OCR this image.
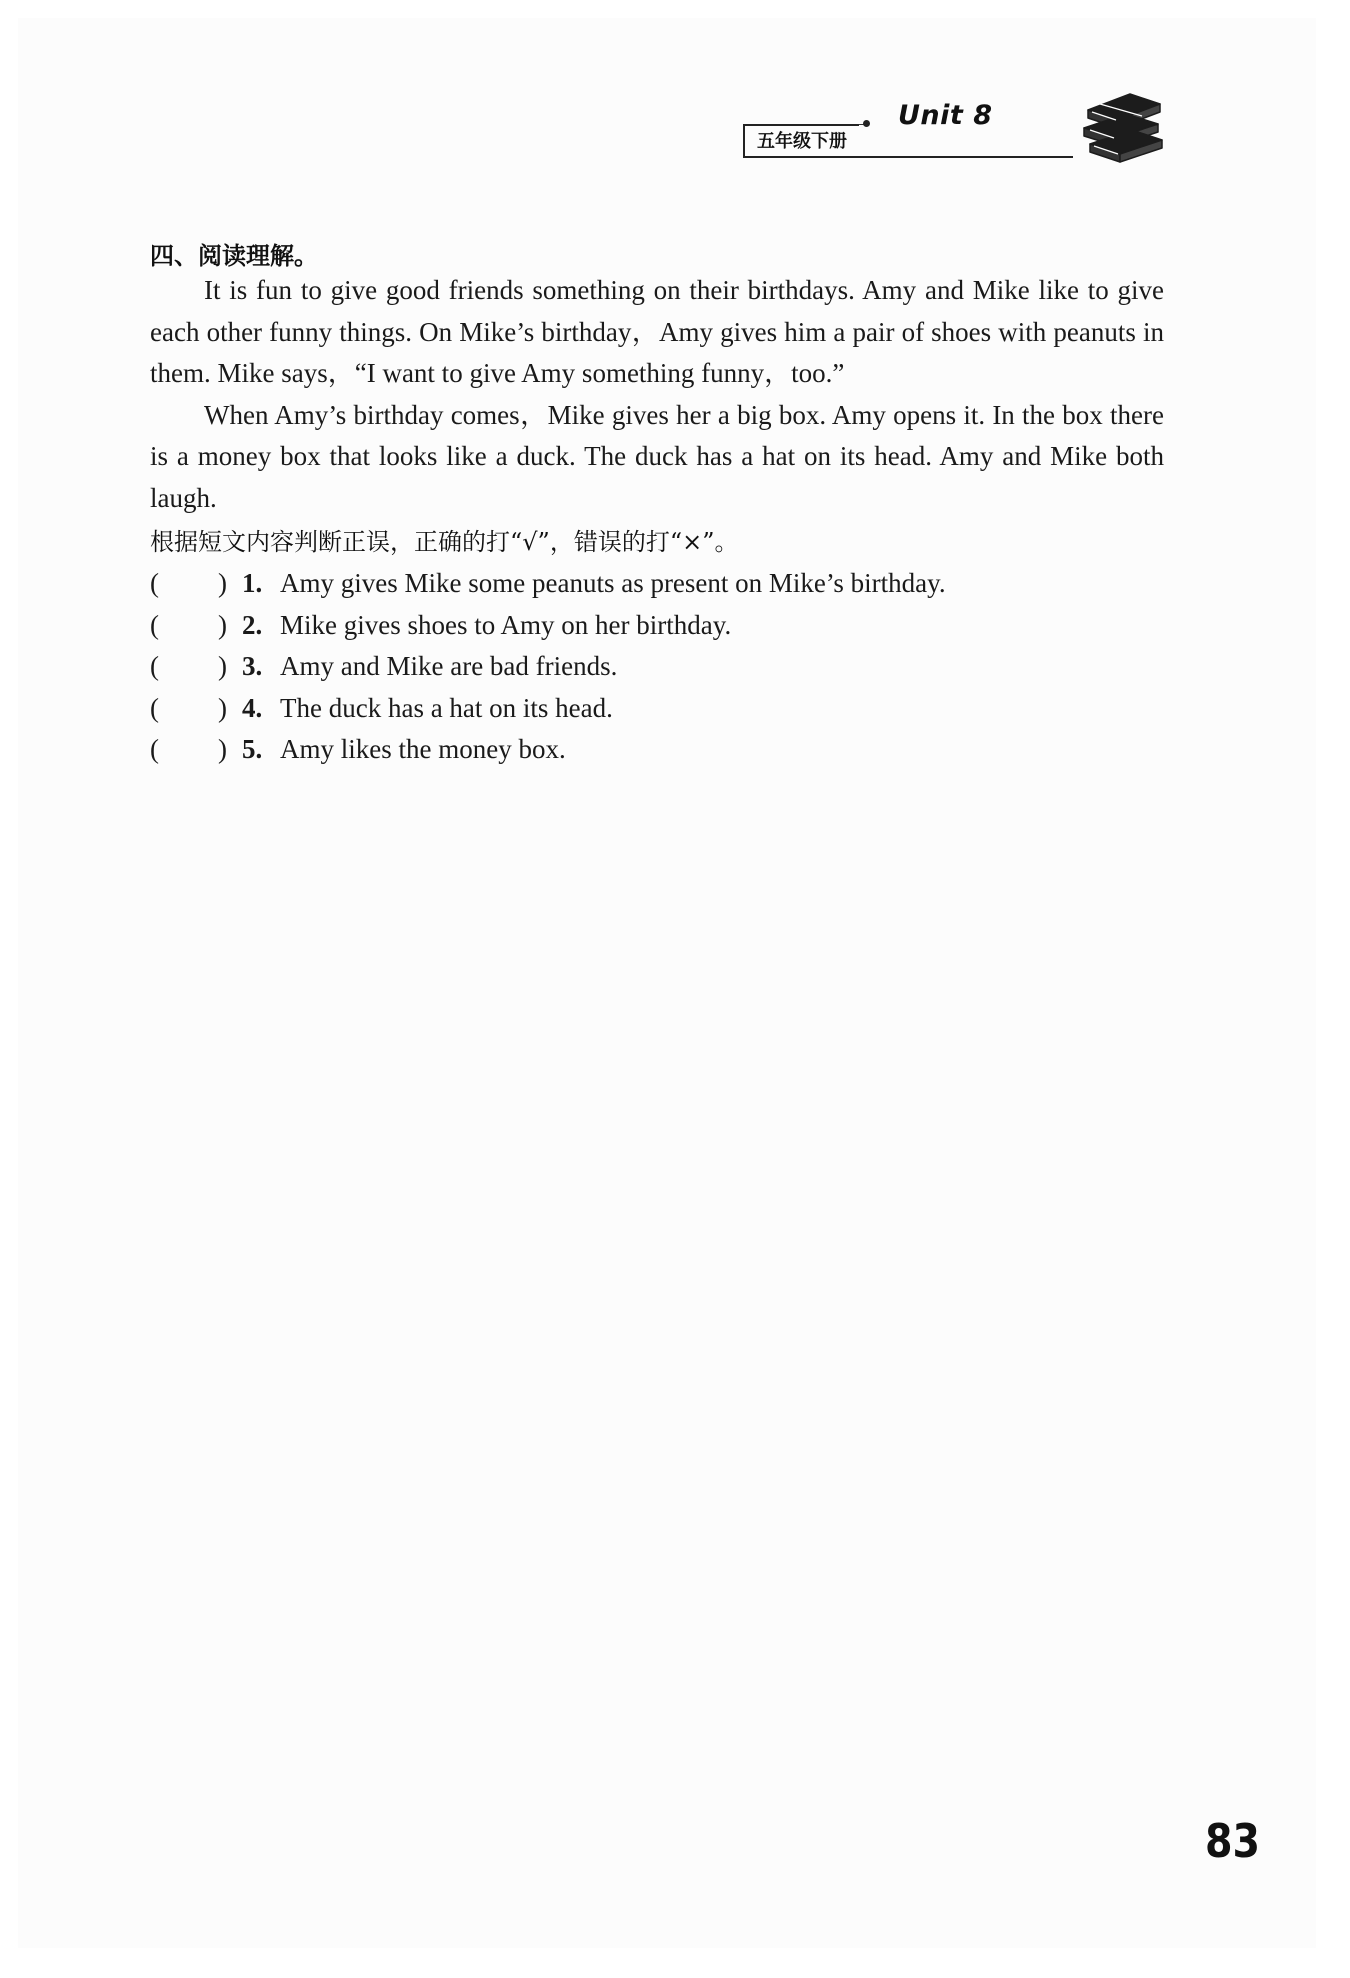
五年级下册
Unit 8
四、阅读理解。

It is fun to give good friends something on their birthdays. Amy and Mike like to give each other funny things. On Mike’s birthday，Amy gives him a pair of shoes with peanuts in them. Mike says，“I want to give Amy something funny，too.”

When Amy’s birthday comes，Mike gives her a big box. Amy opens it. In the box there is a money box that looks like a duck. The duck has a hat on its head. Amy and Mike both laugh.

根据短文内容判断正误，正确的打“√”，错误的打“×”。
( ) 1. Amy gives Mike some peanuts as present on Mike’s birthday.
( ) 2. Mike gives shoes to Amy on her birthday.
( ) 3. Amy and Mike are bad friends.
( ) 4. The duck has a hat on its head.
( ) 5. Amy likes the money box.
83
